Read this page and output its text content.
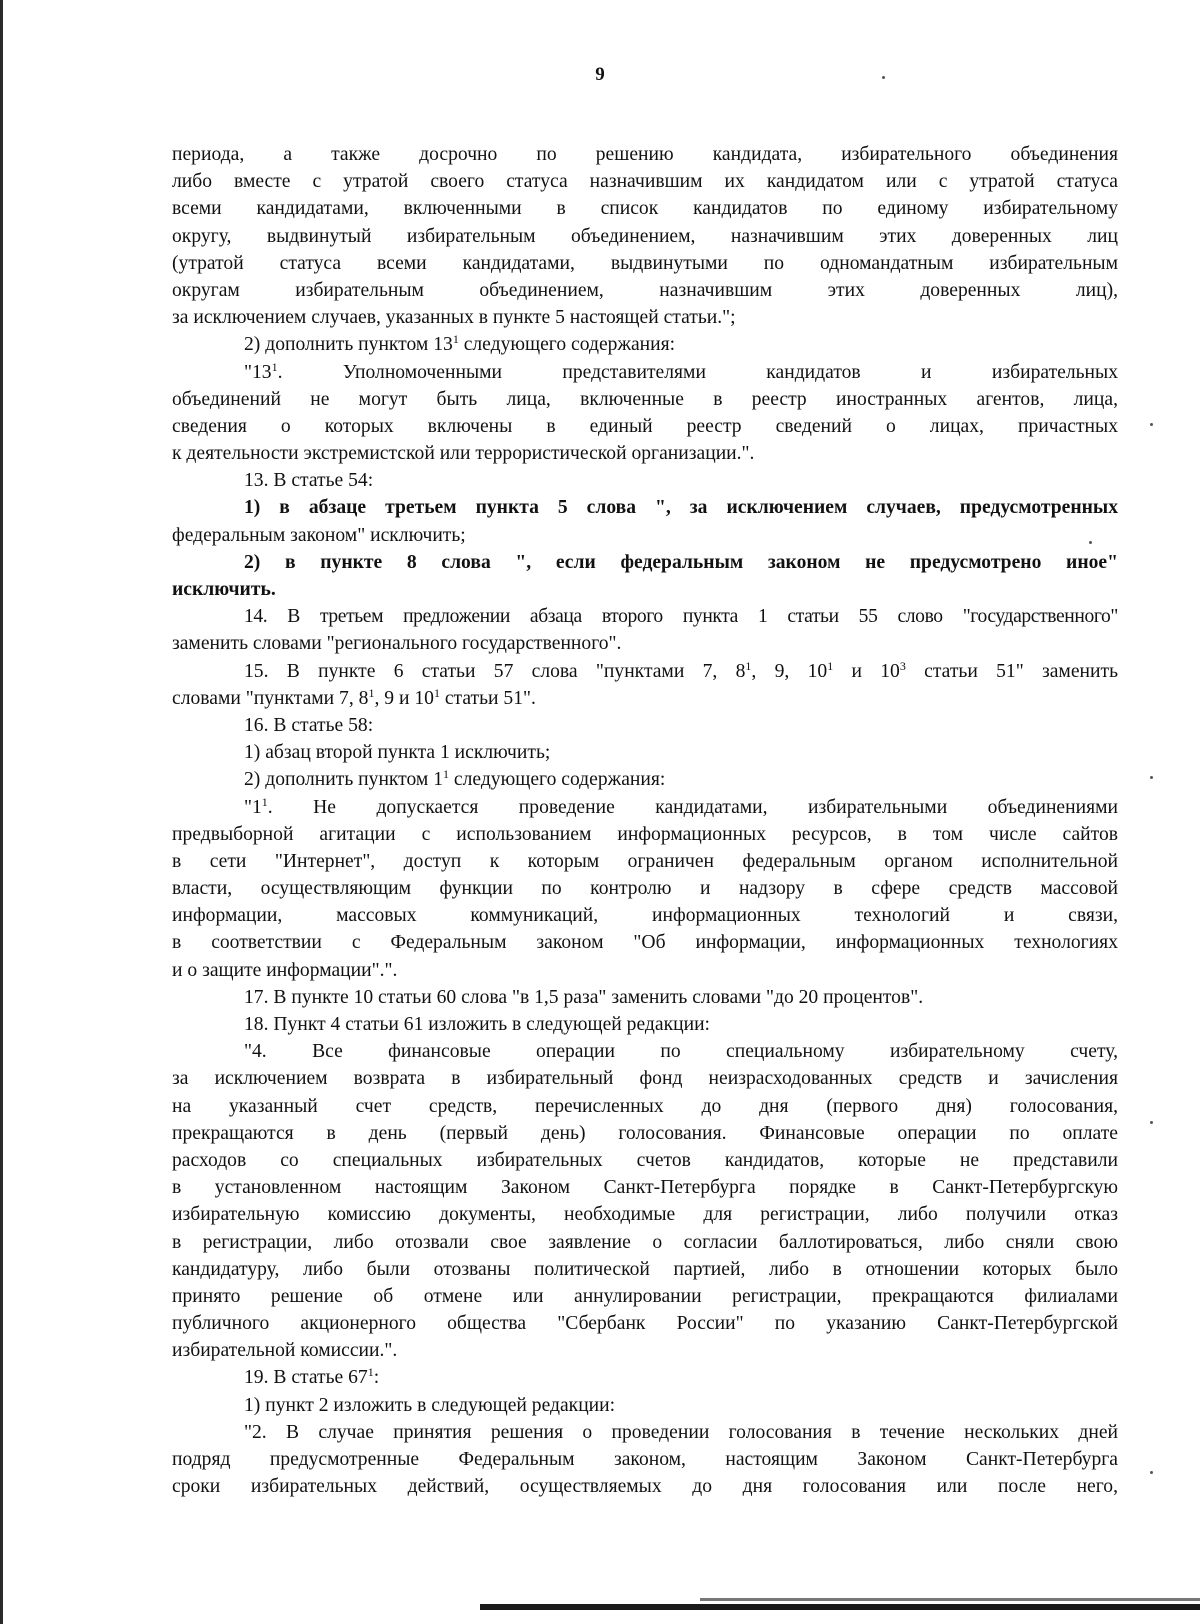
9
периода, а также досрочно по решению кандидата, избирательного объединения
либо вместе с утратой своего статуса назначившим их кандидатом или с утратой статуса
всеми кандидатами, включенными в список кандидатов по единому избирательному
округу, выдвинутый избирательным объединением, назначившим этих доверенных лиц
(утратой статуса всеми кандидатами, выдвинутыми по одномандатным избирательным
округам избирательным объединением, назначившим этих доверенных лиц),
за исключением случаев, указанных в пункте 5 настоящей статьи.";
2) дополнить пунктом $13^1$ следующего содержания:
"$13^1$. Уполномоченными представителями кандидатов и избирательных
объединений не могут быть лица, включенные в реестр иностранных агентов, лица,
сведения о которых включены в единый реестр сведений о лицах, причастных
к деятельности экстремистской или террористической организации.".
13. В статье 54:
1) в абзаце третьем пункта 5 слова ", за исключением случаев, предусмотренных
федеральным законом" исключить;
2) в пункте 8 слова ", если федеральным законом не предусмотрено иное"
исключить.
14. В третьем предложении абзаца второго пункта 1 статьи 55 слово "государственного"
заменить словами "регионального государственного".
15. В пункте 6 статьи 57 слова "пунктами 7, $8^1$, 9, $10^1$ и $10^3$ статьи 51" заменить
словами "пунктами 7, $8^1$, 9 и $10^1$ статьи 51".
16. В статье 58:
1) абзац второй пункта 1 исключить;
2) дополнить пунктом $1^1$ следующего содержания:
"$1^1$. Не допускается проведение кандидатами, избирательными объединениями
предвыборной агитации с использованием информационных ресурсов, в том числе сайтов
в сети "Интернет", доступ к которым ограничен федеральным органом исполнительной
власти, осуществляющим функции по контролю и надзору в сфере средств массовой
информации, массовых коммуникаций, информационных технологий и связи,
в соответствии с Федеральным законом "Об информации, информационных технологиях
и о защите информации".".
17. В пункте 10 статьи 60 слова "в 1,5 раза" заменить словами "до 20 процентов".
18. Пункт 4 статьи 61 изложить в следующей редакции:
"4. Все финансовые операции по специальному избирательному счету,
за исключением возврата в избирательный фонд неизрасходованных средств и зачисления
на указанный счет средств, перечисленных до дня (первого дня) голосования,
прекращаются в день (первый день) голосования. Финансовые операции по оплате
расходов со специальных избирательных счетов кандидатов, которые не представили
в установленном настоящим Законом Санкт-Петербурга порядке в Санкт-Петербургскую
избирательную комиссию документы, необходимые для регистрации, либо получили отказ
в регистрации, либо отозвали свое заявление о согласии баллотироваться, либо сняли свою
кандидатуру, либо были отозваны политической партией, либо в отношении которых было
принято решение об отмене или аннулировании регистрации, прекращаются филиалами
публичного акционерного общества "Сбербанк России" по указанию Санкт-Петербургской
избирательной комиссии.".
19. В статье $67^1$:
1) пункт 2 изложить в следующей редакции:
"2. В случае принятия решения о проведении голосования в течение нескольких дней
подряд предусмотренные Федеральным законом, настоящим Законом Санкт-Петербурга
сроки избирательных действий, осуществляемых до дня голосования или после него,
